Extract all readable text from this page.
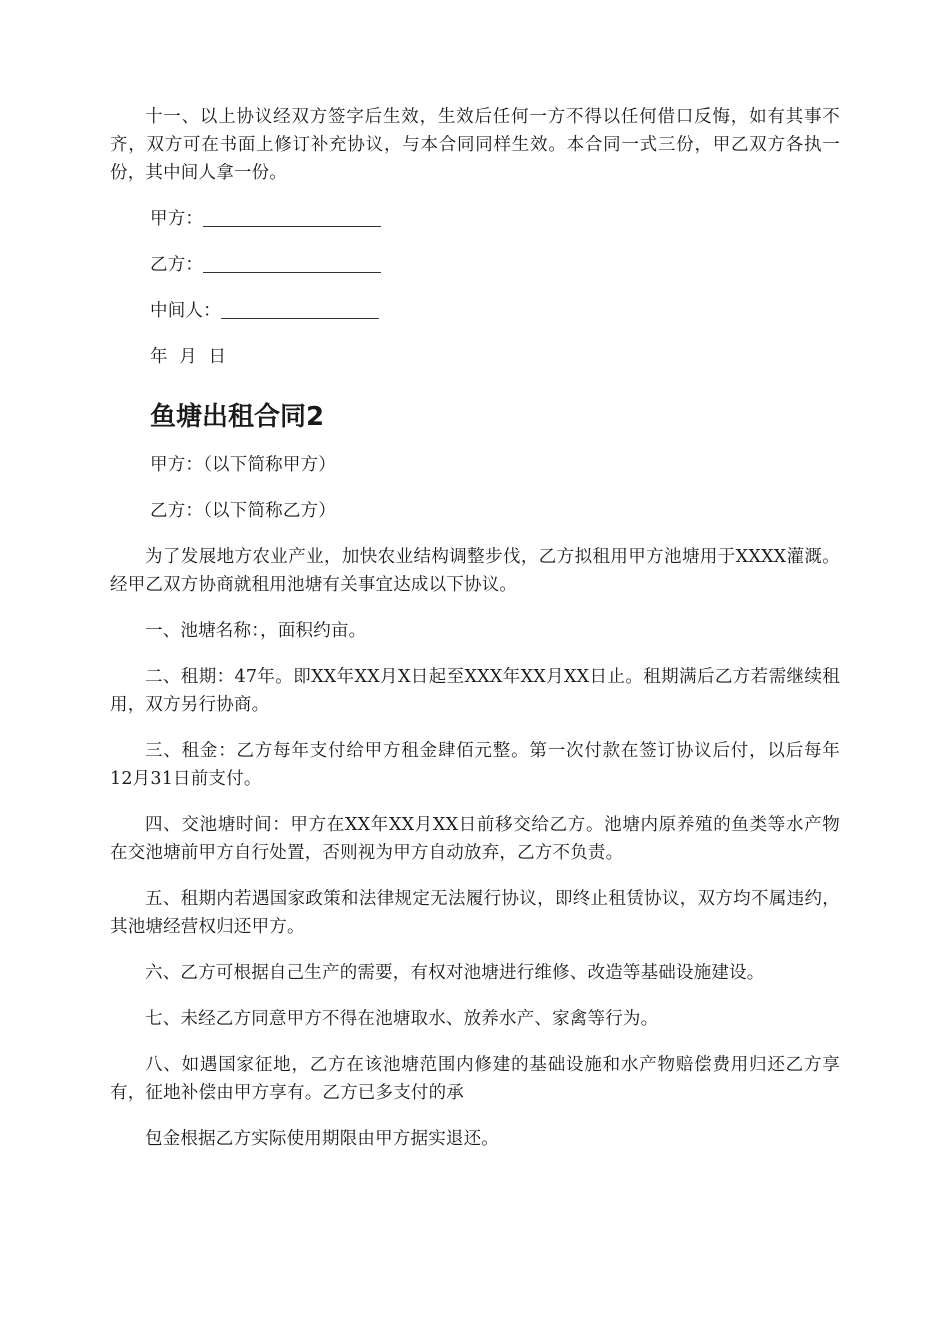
十一、以上协议经双方签字后生效，生效后任何一方不得以任何借口反悔，如有其事不齐，双方可在书面上修订补充协议，与本合同同样生效。本合同一式三份，甲乙双方各执一份，其中间人拿一份。

甲方：

乙方：

中间人：

年  月  日

鱼塘出租合同2

甲方：（以下简称甲方）

乙方：（以下简称乙方）

为了发展地方农业产业，加快农业结构调整步伐，乙方拟租用甲方池塘用于XXXX灌溉。经甲乙双方协商就租用池塘有关事宜达成以下协议。

一、池塘名称：，面积约亩。

二、租期：47年。即XX年XX月X日起至XXX年XX月XX日止。租期满后乙方若需继续租用，双方另行协商。

三、租金：乙方每年支付给甲方租金肆佰元整。第一次付款在签订协议后付，以后每年12月31日前支付。

四、交池塘时间：甲方在XX年XX月XX日前移交给乙方。池塘内原养殖的鱼类等水产物在交池塘前甲方自行处置，否则视为甲方自动放弃，乙方不负责。

五、租期内若遇国家政策和法律规定无法履行协议，即终止租赁协议，双方均不属违约，其池塘经营权归还甲方。

六、乙方可根据自己生产的需要，有权对池塘进行维修、改造等基础设施建设。

七、未经乙方同意甲方不得在池塘取水、放养水产、家禽等行为。

八、如遇国家征地，乙方在该池塘范围内修建的基础设施和水产物赔偿费用归还乙方享有，征地补偿由甲方享有。乙方已多支付的承

包金根据乙方实际使用期限由甲方据实退还。
